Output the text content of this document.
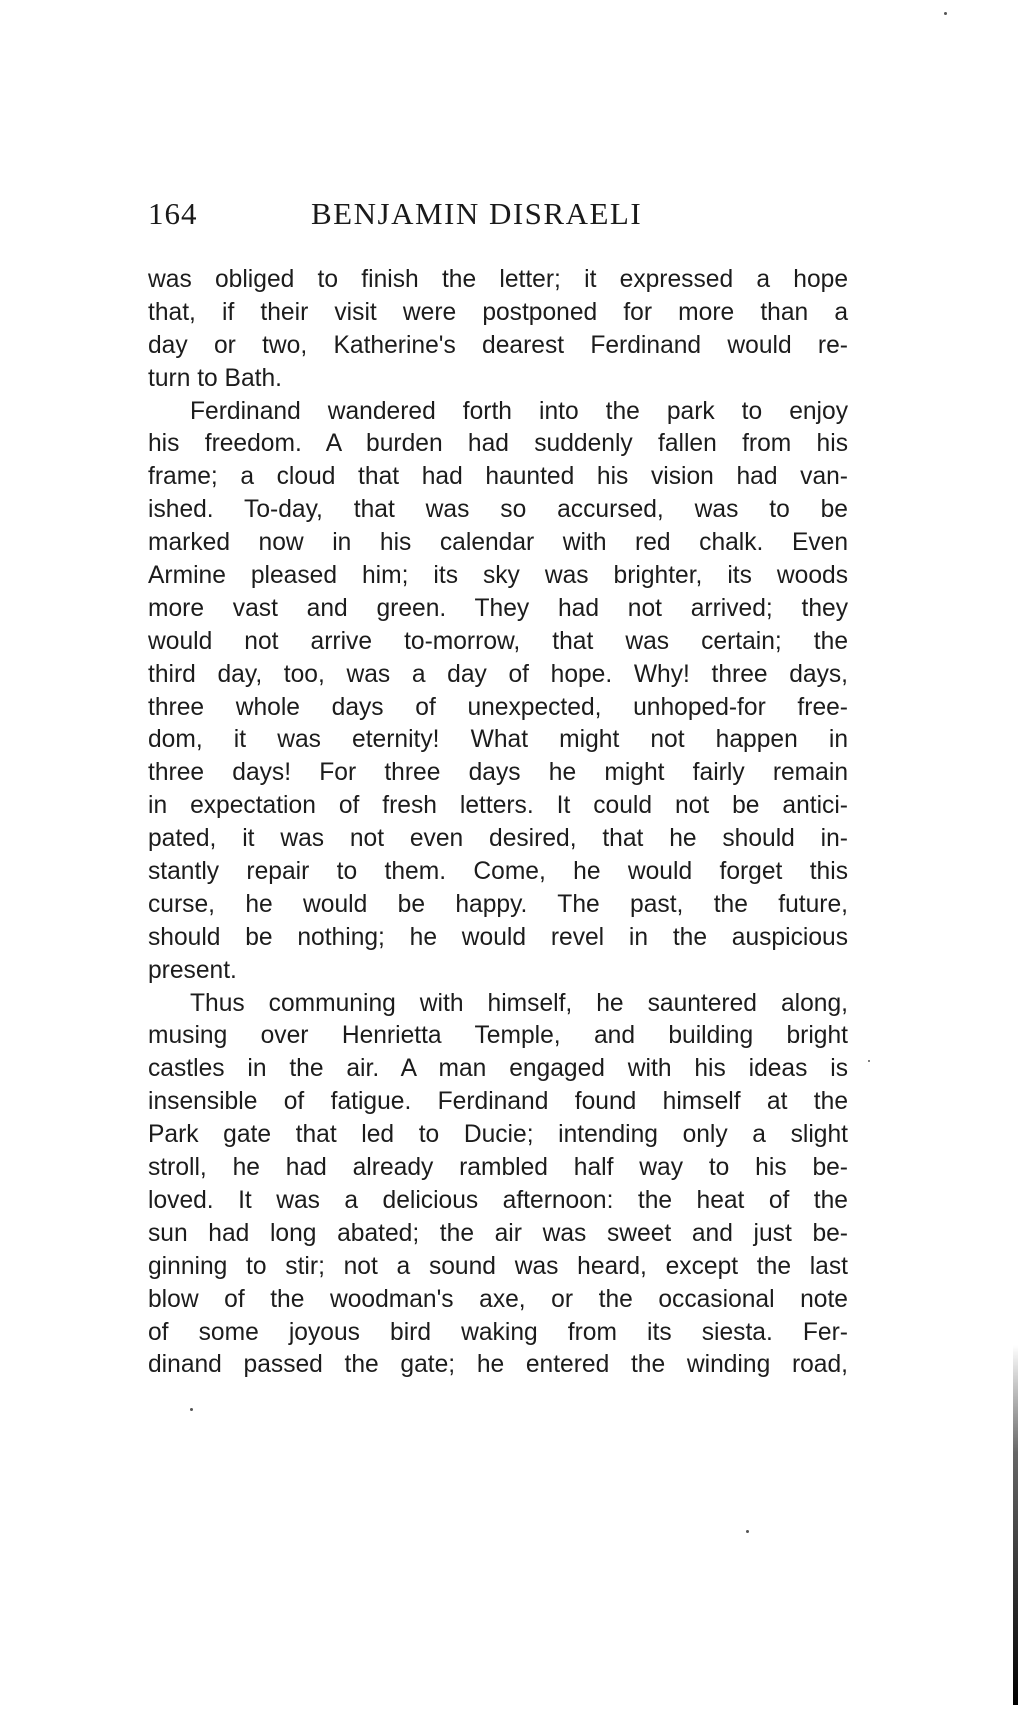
164	BENJAMIN DISRAELI
was obliged to finish the letter; it expressed a hope
that, if their visit were postponed for more than a
day or two, Katherine's dearest Ferdinand would re-
turn to Bath.
Ferdinand wandered forth into the park to enjoy
his freedom. A burden had suddenly fallen from his
frame; a cloud that had haunted his vision had van-
ished. To-day, that was so accursed, was to be
marked now in his calendar with red chalk. Even
Armine pleased him; its sky was brighter, its woods
more vast and green. They had not arrived; they
would not arrive to-morrow, that was certain; the
third day, too, was a day of hope. Why! three days,
three whole days of unexpected, unhoped-for free-
dom, it was eternity! What might not happen in
three days! For three days he might fairly remain
in expectation of fresh letters. It could not be antici-
pated, it was not even desired, that he should in-
stantly repair to them. Come, he would forget this
curse, he would be happy. The past, the future,
should be nothing; he would revel in the auspicious
present.
Thus communing with himself, he sauntered along,
musing over Henrietta Temple, and building bright
castles in the air. A man engaged with his ideas is
insensible of fatigue. Ferdinand found himself at the
Park gate that led to Ducie; intending only a slight
stroll, he had already rambled half way to his be-
loved. It was a delicious afternoon: the heat of the
sun had long abated; the air was sweet and just be-
ginning to stir; not a sound was heard, except the last
blow of the woodman's axe, or the occasional note
of some joyous bird waking from its siesta. Fer-
dinand passed the gate; he entered the winding road,
